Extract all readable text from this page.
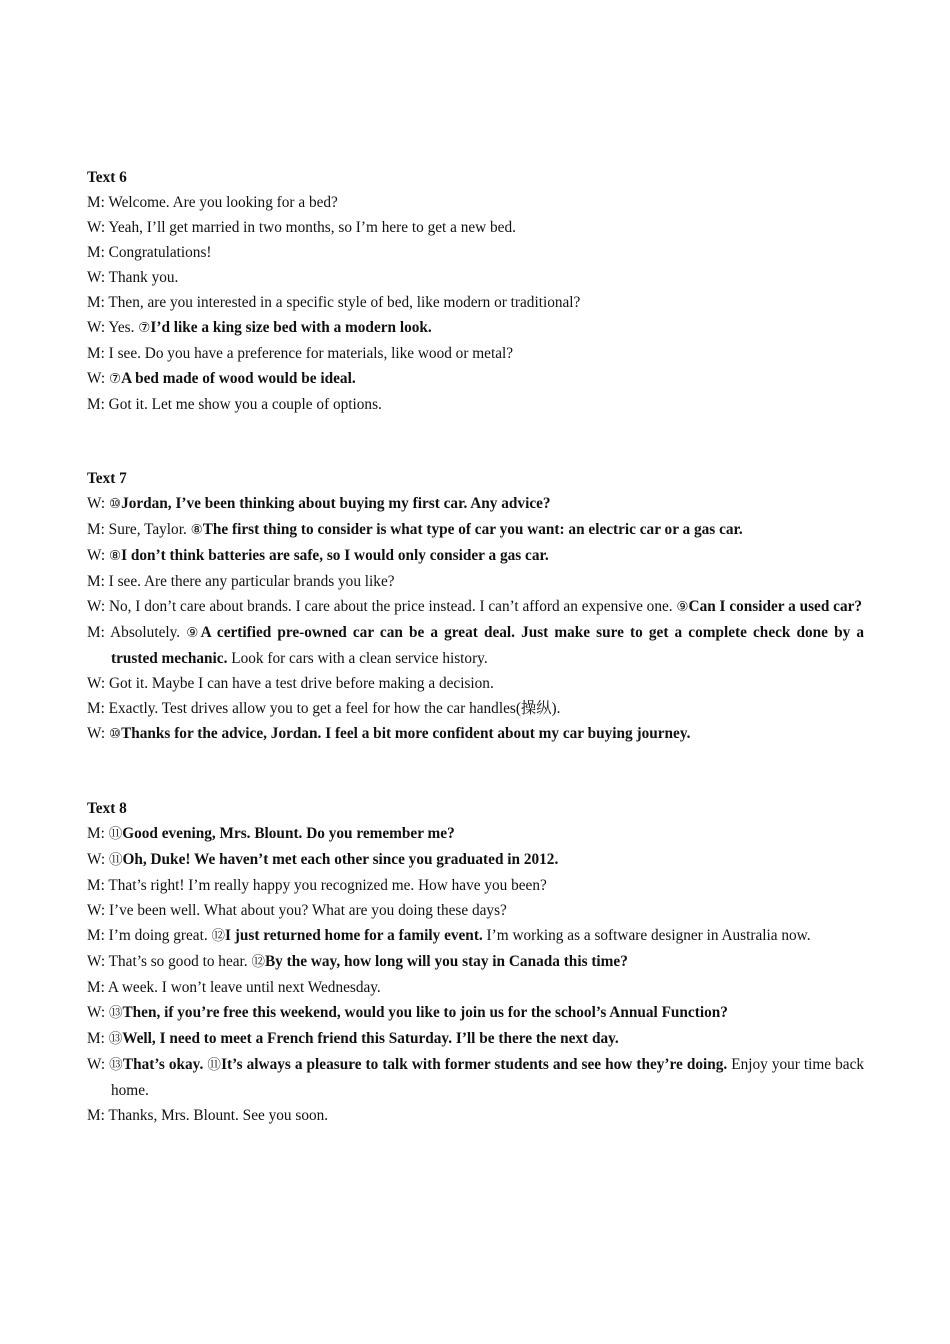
Text 6

M: Welcome. Are you looking for a bed?

W: Yeah, I’ll get married in two months, so I’m here to get a new bed.

M: Congratulations!

W: Thank you.

M: Then, are you interested in a specific style of bed, like modern or traditional?

W: Yes. ⑦I’d like a king size bed with a modern look.

M: I see. Do you have a preference for materials, like wood or metal?

W: ⑦A bed made of wood would be ideal.

M: Got it. Let me show you a couple of options.

Text 7

W: ⑩Jordan, I’ve been thinking about buying my first car. Any advice?

M: Sure, Taylor. ⑧The first thing to consider is what type of car you want: an electric car or a gas car.

W: ⑧I don’t think batteries are safe, so I would only consider a gas car.

M: I see. Are there any particular brands you like?

W: No, I don’t care about brands. I care about the price instead. I can’t afford an expensive one. ⑨Can I consider a used car?

M: Absolutely. ⑨A certified pre-owned car can be a great deal. Just make sure to get a complete check done by a trusted mechanic. Look for cars with a clean service history.

W: Got it. Maybe I can have a test drive before making a decision.

M: Exactly. Test drives allow you to get a feel for how the car handles(操纵).

W: ⑩Thanks for the advice, Jordan. I feel a bit more confident about my car buying journey.

Text 8

M: ⑪Good evening, Mrs. Blount. Do you remember me?

W: ⑪Oh, Duke! We haven’t met each other since you graduated in 2012.

M: That’s right! I’m really happy you recognized me. How have you been?

W: I’ve been well. What about you? What are you doing these days?

M: I’m doing great. ⑫I just returned home for a family event. I’m working as a software designer in Australia now.

W: That’s so good to hear. ⑫By the way, how long will you stay in Canada this time?

M: A week. I won’t leave until next Wednesday.

W: ⑬Then, if you’re free this weekend, would you like to join us for the school’s Annual Function?

M: ⑬Well, I need to meet a French friend this Saturday. I’ll be there the next day.

W: ⑬That’s okay. ⑪It’s always a pleasure to talk with former students and see how they’re doing. Enjoy your time back home.

M: Thanks, Mrs. Blount. See you soon.
